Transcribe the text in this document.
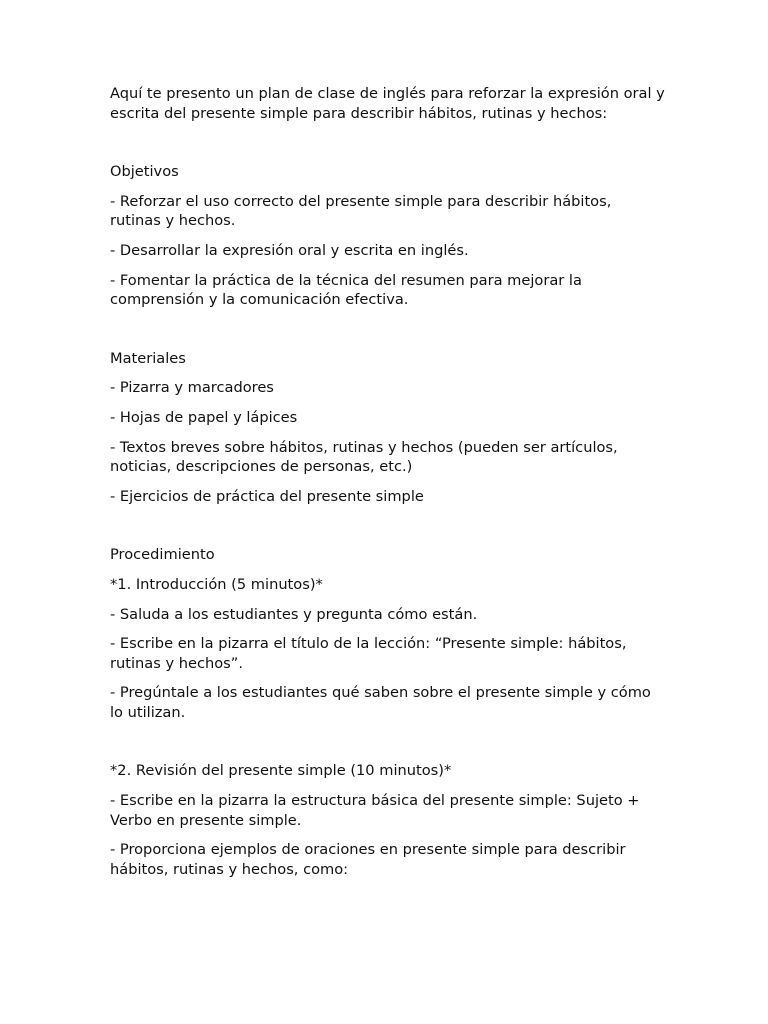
Aquí te presento un plan de clase de inglés para reforzar la expresión oral y escrita del presente simple para describir hábitos, rutinas y hechos:

Objetivos

- Reforzar el uso correcto del presente simple para describir hábitos, rutinas y hechos.

- Desarrollar la expresión oral y escrita en inglés.

- Fomentar la práctica de la técnica del resumen para mejorar la comprensión y la comunicación efectiva.

Materiales

- Pizarra y marcadores

- Hojas de papel y lápices

- Textos breves sobre hábitos, rutinas y hechos (pueden ser artículos, noticias, descripciones de personas, etc.)

- Ejercicios de práctica del presente simple

Procedimiento

*1. Introducción (5 minutos)*

- Saluda a los estudiantes y pregunta cómo están.

- Escribe en la pizarra el título de la lección: “Presente simple: hábitos, rutinas y hechos”.

- Pregúntale a los estudiantes qué saben sobre el presente simple y cómo lo utilizan.

*2. Revisión del presente simple (10 minutos)*

- Escribe en la pizarra la estructura básica del presente simple: Sujeto + Verbo en presente simple.

- Proporciona ejemplos de oraciones en presente simple para describir hábitos, rutinas y hechos, como:
